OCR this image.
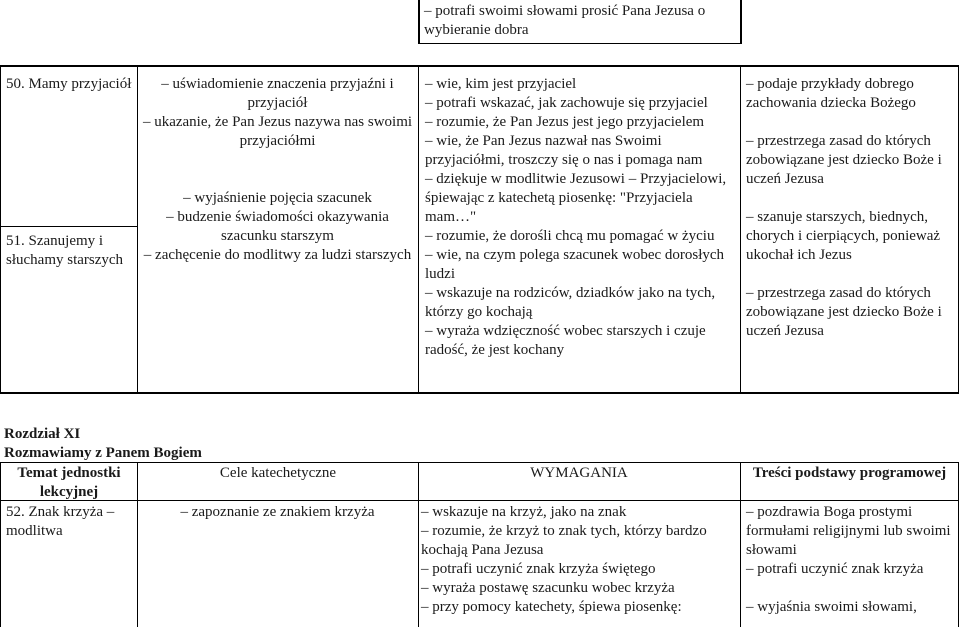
– potrafi swoimi słowami prosić Pana Jezusa o wybieranie dobra

50. Mamy przyjaciół

51. Szanujemy i słuchamy starszych

– uświadomienie znaczenia przyjaźni i przyjaciół

– ukazanie, że Pan Jezus nazywa nas swoimi przyjaciółmi

– wyjaśnienie pojęcia szacunek

– budzenie świadomości okazywania szacunku starszym

– zachęcenie do modlitwy za ludzi starszych

– wie, kim jest przyjaciel

– potrafi wskazać, jak zachowuje się przyjaciel

– rozumie, że Pan Jezus jest jego przyjacielem

– wie, że Pan Jezus nazwał nas Swoimi przyjaciółmi, troszczy się o nas i pomaga nam

– dziękuje w modlitwie Jezusowi – Przyjacielowi, śpiewając z katechetą piosenkę: "Przyjaciela mam…"

– rozumie, że dorośli chcą mu pomagać w życiu

– wie, na czym polega szacunek wobec dorosłych ludzi

– wskazuje na rodziców, dziadków jako na tych, którzy go kochają

– wyraża wdzięczność wobec starszych i czuje radość, że jest kochany

– podaje przykłady dobrego zachowania dziecka Bożego

– przestrzega zasad do których zobowiązane jest dziecko Boże i uczeń Jezusa

– szanuje starszych, biednych, chorych i cierpiących, ponieważ ukochał ich Jezus

– przestrzega zasad do których zobowiązane jest dziecko Boże i uczeń Jezusa

Rozdział XI
Rozmawiamy z Panem Bogiem
Temat jednostki lekcyjnej
Cele katechetyczne	WYMAGANIA	Treści podstawy programowej

52. Znak krzyża – modlitwa

– zapoznanie ze znakiem krzyża

–	wskazuje na krzyż, jako na znak

– rozumie, że krzyż to znak tych, którzy bardzo kochają Pana Jezusa

– potrafi uczynić znak krzyża świętego

– wyraża postawę szacunku wobec krzyża

– przy pomocy katechety, śpiewa piosenkę:

– pozdrawia Boga prostymi formułami religijnymi lub swoimi słowami

– potrafi uczynić znak krzyża

– wyjaśnia swoimi słowami,
